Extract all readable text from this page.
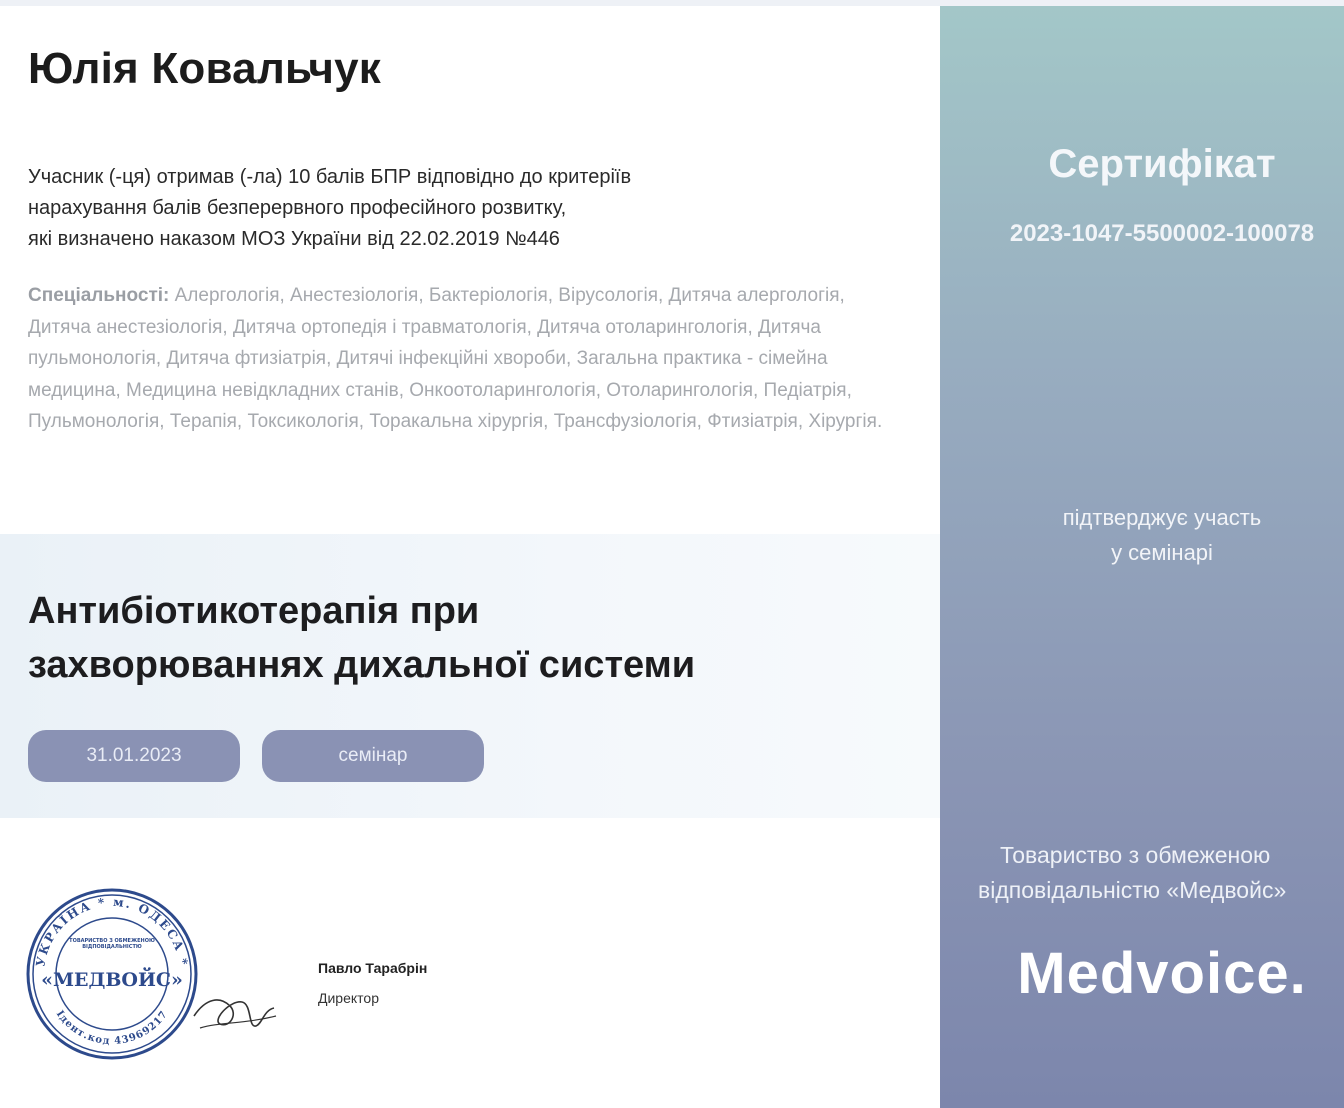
Юлія Ковальчук

Учасник (-ця) отримав (-ла) 10 балів БПР відповідно до критеріїв
нарахування балів безперервного професійного розвитку,
які визначено наказом МОЗ України від 22.02.2019 №446

Спеціальності: Алергологія, Анестезіологія, Бактеріологія, Вірусологія, Дитяча алергологія, Дитяча анестезіологія, Дитяча ортопедія і травматологія, Дитяча отоларингологія, Дитяча пульмонологія, Дитяча фтизіатрія, Дитячі інфекційні хвороби, Загальна практика - сімейна медицина, Медицина невідкладних станів, Онкоотоларингологія, Отоларингологія, Педіатрія, Пульмонологія, Терапія, Токсикологія, Торакальна хірургія, Трансфузіологія, Фтизіатрія, Хірургія.

Антибіотикотерапія при
захворюваннях дихальної системи
31.01.2023	семінар
УКРАЇНА * м. ОДЕСА *
Ідент.код 43969217
ТОВАРИСТВО З ОБМЕЖЕНОЮ ВІДПОВІДАЛЬНІСТЮ
«МЕДВОЙС»

Павло Тарабрін

Директор

Сертифікат

2023-1047-5500002-100078

підтверджує участь
у семінарі

Товариство з обмеженою
відповідальністю «Медвойс»

Medvoice.
